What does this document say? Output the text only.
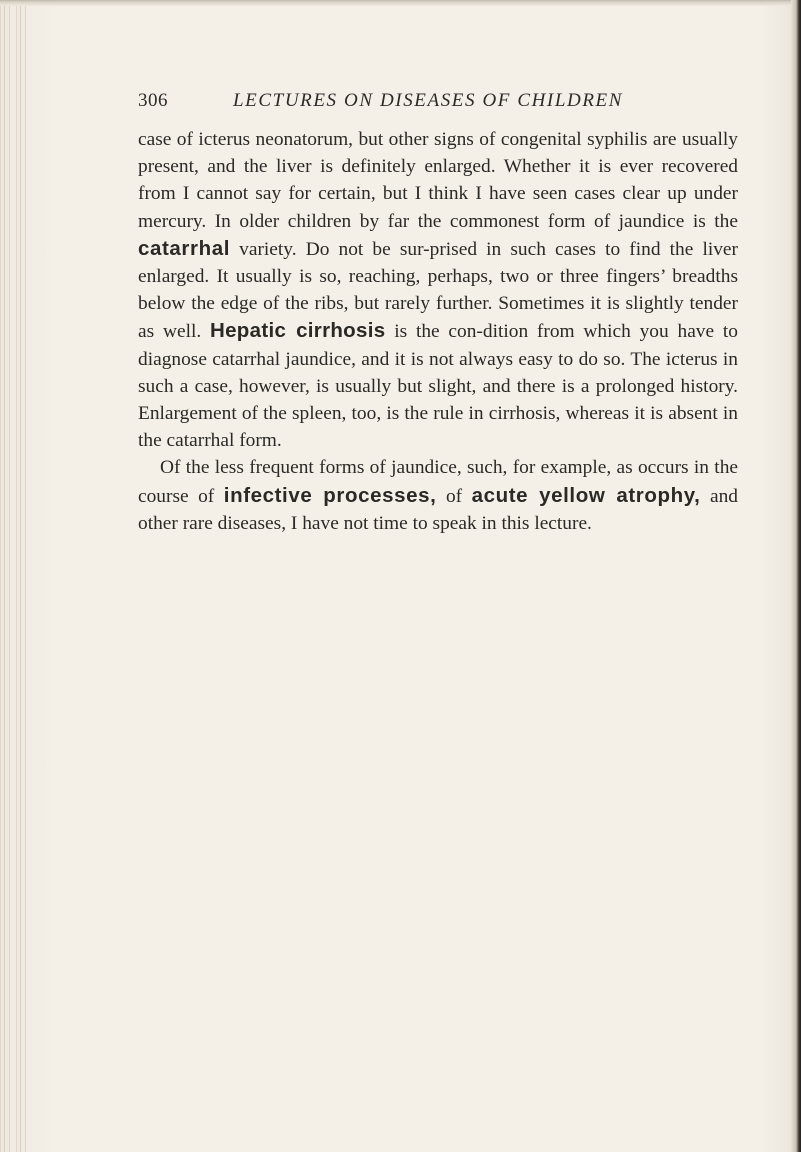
306	LECTURES ON DISEASES OF CHILDREN

case of icterus neonatorum, but other signs of congenital syphilis are usually present, and the liver is definitely enlarged. Whether it is ever recovered from I cannot say for certain, but I think I have seen cases clear up under mercury. In older children by far the commonest form of jaundice is the catarrhal variety. Do not be sur-prised in such cases to find the liver enlarged. It usually is so, reaching, perhaps, two or three fingers’ breadths below the edge of the ribs, but rarely further. Sometimes it is slightly tender as well. Hepatic cirrhosis is the con-dition from which you have to diagnose catarrhal jaundice, and it is not always easy to do so. The icterus in such a case, however, is usually but slight, and there is a prolonged history. Enlargement of the spleen, too, is the rule in cirrhosis, whereas it is absent in the catarrhal form.

Of the less frequent forms of jaundice, such, for example, as occurs in the course of infective processes, of acute yellow atrophy, and other rare diseases, I have not time to speak in this lecture.
